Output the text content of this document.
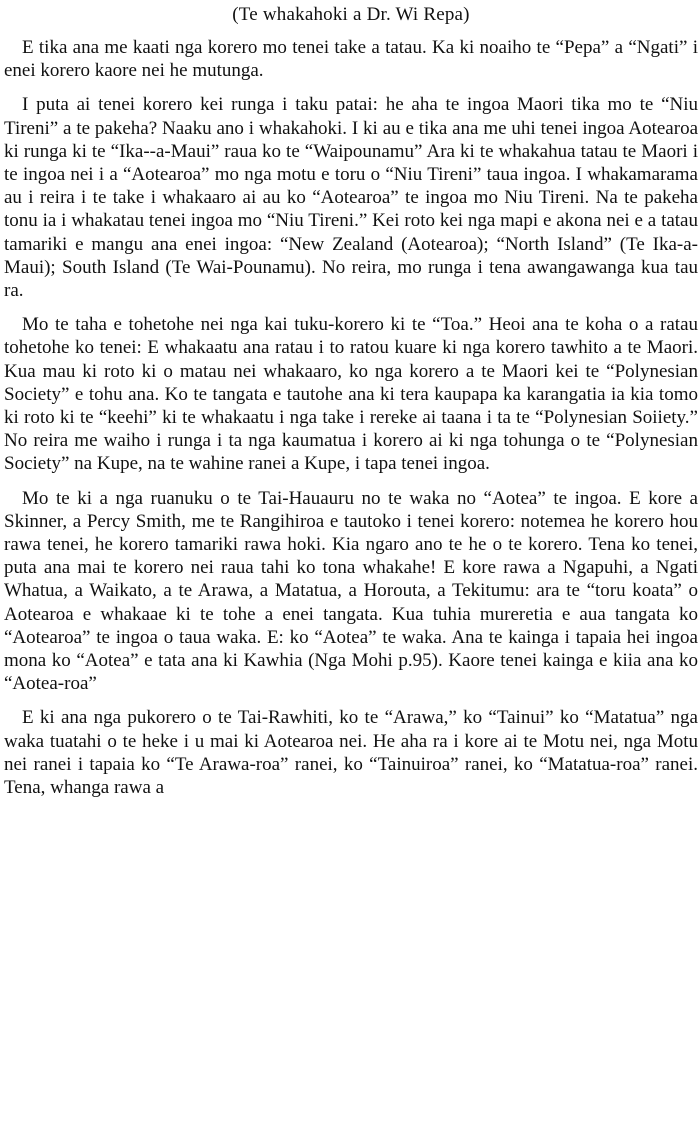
(Te whakahoki a Dr. Wi Repa)

E tika ana me kaati nga korero mo tenei take a tatau. Ka ki noaiho te “Pepa” a “Ngati” i enei korero kaore nei he mutunga.

I puta ai tenei korero kei runga i taku patai: he aha te ingoa Maori tika mo te “Niu Tireni” a te pakeha? Naaku ano i whakahoki. I ki au e tika ana me uhi tenei ingoa Aotearoa ki runga ki te “Ika--a-Maui” raua ko te “Waipounamu” Ara ki te whakahua tatau te Maori i te ingoa nei i a “Aotearoa” mo nga motu e toru o “Niu Tireni” taua ingoa. I whakamarama au i reira i te take i whakaaro ai au ko “Aotearoa” te ingoa mo Niu Tireni. Na te pakeha tonu ia i whakatau tenei ingoa mo “Niu Tireni.” Kei roto kei nga mapi e akona nei e a tatau tamariki e mangu ana enei ingoa: “New Zealand (Aotearoa); “North Island” (Te Ika-a-Maui); South Island (Te Wai-Pounamu). No reira, mo runga i tena awangawanga kua tau ra.

Mo te taha e tohetohe nei nga kai tuku-korero ki te “Toa.” Heoi ana te koha o a ratau tohetohe ko tenei: E whakaatu ana ratau i to ratou kuare ki nga korero tawhito a te Maori. Kua mau ki roto ki o matau nei whakaaro, ko nga korero a te Maori kei te “Polynesian Society” e tohu ana. Ko te tangata e tautohe ana ki tera kaupapa ka karangatia ia kia tomo ki roto ki te “keehi” ki te whakaatu i nga take i rereke ai taana i ta te “Polynesian Soiiety.” No reira me waiho i runga i ta nga kaumatua i korero ai ki nga tohunga o te “Polynesian Society” na Kupe, na te wahine ranei a Kupe, i tapa tenei ingoa.

Mo te ki a nga ruanuku o te Tai-Hauauru no te waka no “Aotea” te ingoa. E kore a Skinner, a Percy Smith, me te Rangihiroa e tautoko i tenei korero: notemea he korero hou rawa tenei, he korero tamariki rawa hoki. Kia ngaro ano te he o te korero. Tena ko tenei, puta ana mai te korero nei raua tahi ko tona whakahe! E kore rawa a Ngapuhi, a Ngati Whatua, a Waikato, a te Arawa, a Matatua, a Horouta, a Tekitumu: ara te “toru koata” o Aotearoa e whakaae ki te tohe a enei tangata. Kua tuhia mureretia e aua tangata ko “Aotearoa” te ingoa o taua waka. E: ko “Aotea” te waka. Ana te kainga i tapaia hei ingoa mona ko “Aotea” e tata ana ki Kawhia (Nga Mohi p.95). Kaore tenei kainga e kiia ana ko “Aotea-roa”

E ki ana nga pukorero o te Tai-Rawhiti, ko te “Arawa,” ko “Tainui” ko “Matatua” nga waka tuatahi o te heke i u mai ki Aotearoa nei. He aha ra i kore ai te Motu nei, nga Motu nei ranei i tapaia ko “Te Arawa-roa” ranei, ko “Tainuiroa” ranei, ko “Matatua-roa” ranei. Tena, whanga rawa a
